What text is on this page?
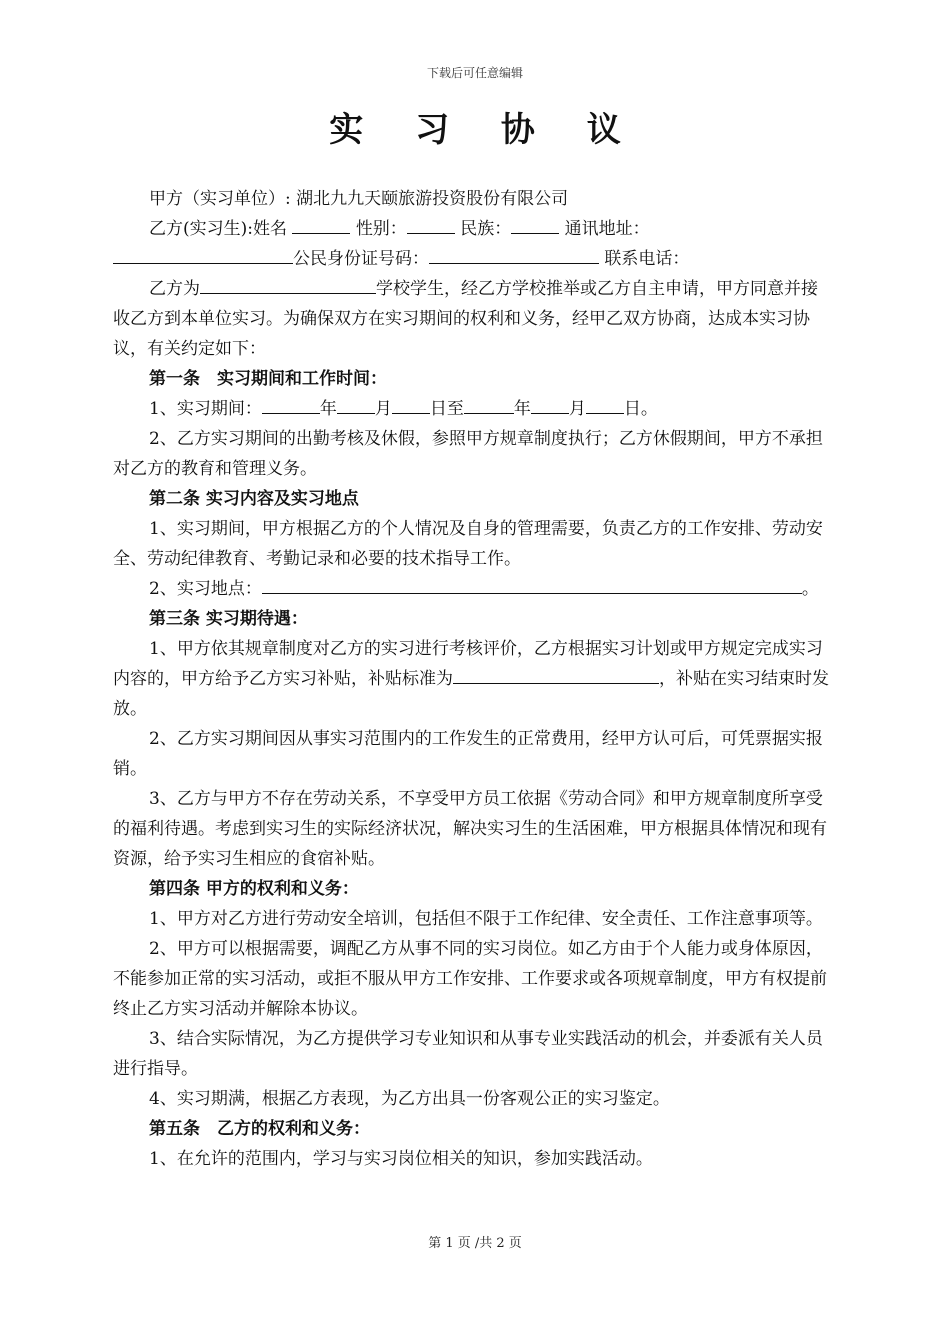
下载后可任意编辑
实 习 协 议

甲方（实习单位）: 湖北九九天颐旅游投资股份有限公司

乙方(实习生):姓名	性别：	民族：	通讯地址：

公民身份证号码：	联系电话：

乙方为	学校学生，经乙方学校推举或乙方自主申请，甲方同意并接收乙方到本单位实习。为确保双方在实习期间的权利和义务，经甲乙双方协商，达成本实习协议，有关约定如下：

第一条　实习期间和工作时间：

1、实习期间：	年 月 日至	年 月 日。

2、乙方实习期间的出勤考核及休假，参照甲方规章制度执行；乙方休假期间，甲方不承担对乙方的教育和管理义务。

第二条 实习内容及实习地点

1、实习期间，甲方根据乙方的个人情况及自身的管理需要，负责乙方的工作安排、劳动安全、劳动纪律教育、考勤记录和必要的技术指导工作。

2、实习地点：	。

第三条 实习期待遇：

1、甲方依其规章制度对乙方的实习进行考核评价，乙方根据实习计划或甲方规定完成实习内容的，甲方给予乙方实习补贴，补贴标准为	，补贴在实习结束时发放。

2、乙方实习期间因从事实习范围内的工作发生的正常费用，经甲方认可后，可凭票据实报销。

3、乙方与甲方不存在劳动关系，不享受甲方员工依据《劳动合同》和甲方规章制度所享受的福利待遇。考虑到实习生的实际经济状况，解决实习生的生活困难，甲方根据具体情况和现有资源，给予实习生相应的食宿补贴。

第四条 甲方的权利和义务：

1、甲方对乙方进行劳动安全培训，包括但不限于工作纪律、安全责任、工作注意事项等。

2、甲方可以根据需要，调配乙方从事不同的实习岗位。如乙方由于个人能力或身体原因，不能参加正常的实习活动，或拒不服从甲方工作安排、工作要求或各项规章制度，甲方有权提前终止乙方实习活动并解除本协议。

3、结合实际情况，为乙方提供学习专业知识和从事专业实践活动的机会，并委派有关人员进行指导。

4、实习期满，根据乙方表现，为乙方出具一份客观公正的实习鉴定。

第五条　乙方的权利和义务：

1、在允许的范围内，学习与实习岗位相关的知识，参加实践活动。

第 1 页 /共 2 页
